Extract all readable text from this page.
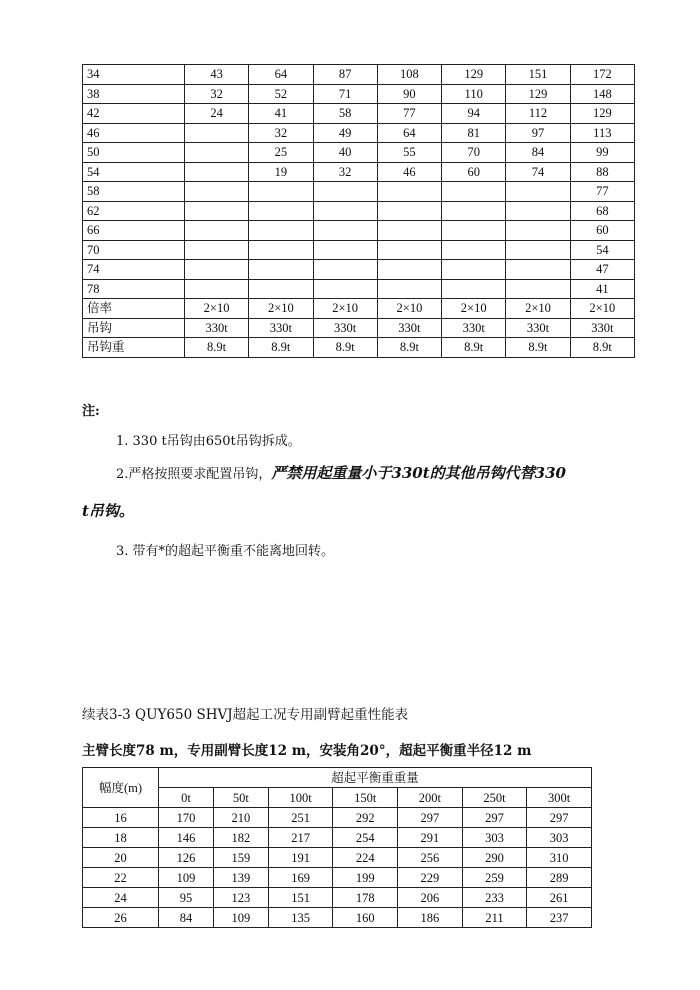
34	43	64	87	108	129	151	172
38	32	52	71	90	110	129	148
42	24	41	58	77	94	112	129
46		32	49	64	81	97	113
50		25	40	55	70	84	99
54		19	32	46	60	74	88
58							77
62							68
66							60
70							54
74							47
78							41
倍率	2×10	2×10	2×10	2×10	2×10	2×10	2×10
吊钩	330t	330t	330t	330t	330t	330t	330t
吊钩重	8.9t	8.9t	8.9t	8.9t	8.9t	8.9t	8.9t
注:
1. 330 t吊钩由650t吊钩拆成。
2.严格按照要求配置吊钩，严禁用起重量小于330t的其他吊钩代替330
t吊钩。
3. 带有*的超起平衡重不能离地回转。
续表3-3 QUY650 SHVJ超起工况专用副臂起重性能表
主臂长度78 m，专用副臂长度12 m，安装角20°，超起平衡重半径12 m
幅度(m)	超起平衡重重量						
	0t	50t	100t	150t	200t	250t	300t
16	170	210	251	292	297	297	297
18	146	182	217	254	291	303	303
20	126	159	191	224	256	290	310
22	109	139	169	199	229	259	289
24	95	123	151	178	206	233	261
26	84	109	135	160	186	211	237
